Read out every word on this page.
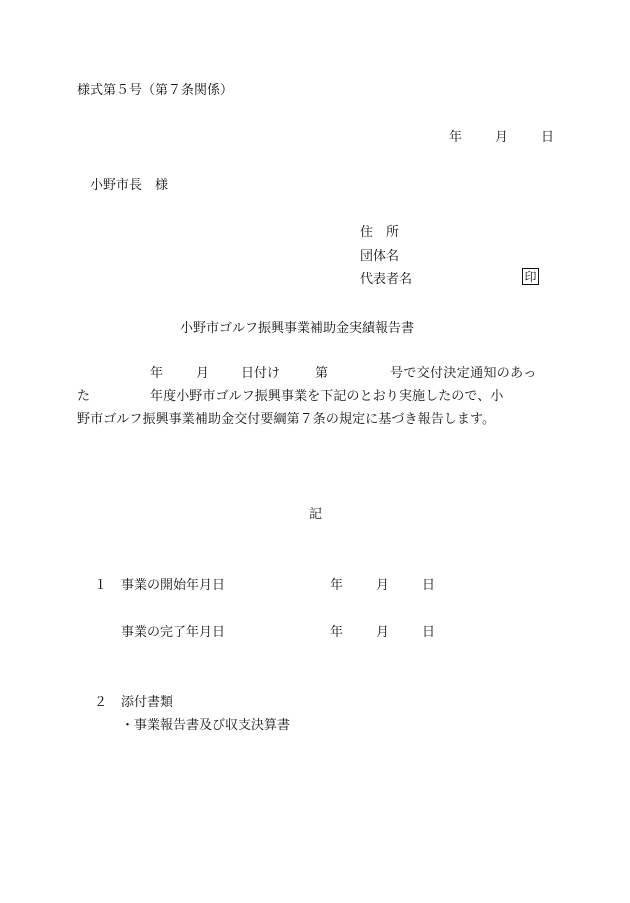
様式第５号（第７条関係）
年	月	日
小野市長　様
住　所
団体名
代表者名	印
小野市ゴルフ振興事業補助金実績報告書
年	月 日付け	第	号で交付決定通知のあっ
た	年度小野市ゴルフ振興事業を下記のとおり実施したので、小
野市ゴルフ振興事業補助金交付要綱第７条の規定に基づき報告します。
記
１ 事業の開始年月日	年	月	日
事業の完了年月日	年	月	日
２ 添付書類
・事業報告書及び収支決算書
